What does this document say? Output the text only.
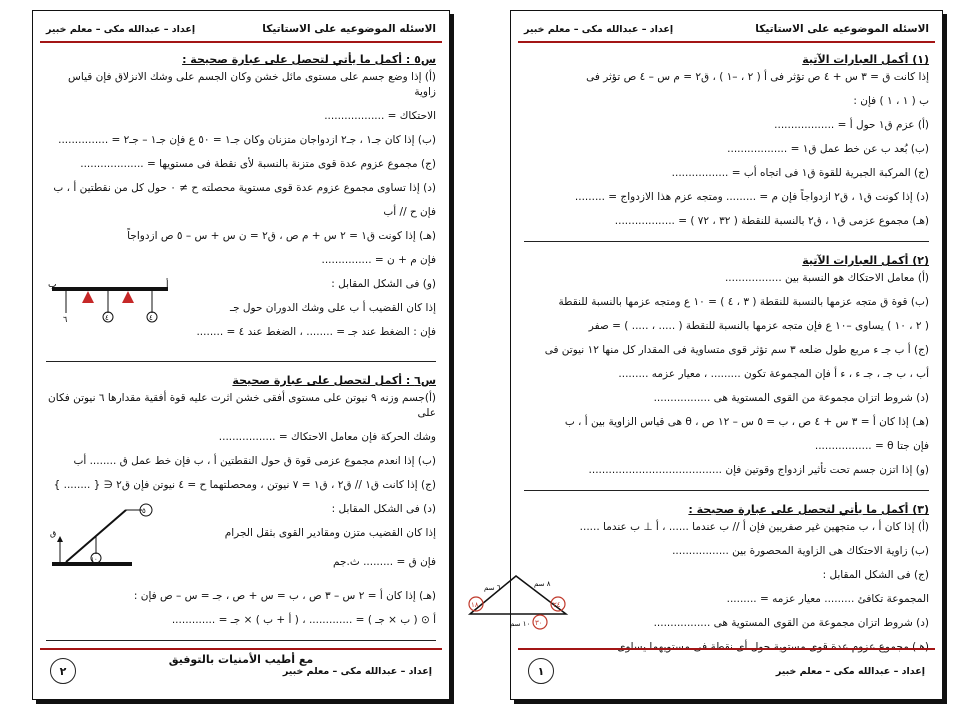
الاسئله الموضوعيه على الاستاتيكا
إعداد – عبدالله مكى – معلم خبير
س٥ : أكمل ما يأتي لتحصل على عبارة صحيحة :
(أ) إذا وضع جسم على مستوى مائل خشن وكان الجسم على وشك الانزلاق فإن قياس زاوية
الاحتكاك = ..................
(ب) إذا كان جـ١ ، جـ٢ ازدواجان متزنان وكان جـ١ = ٥٠ ع فإن جـ١ – جـ٢ = ...............
(ج) مجموع عزوم عدة قوى متزنة بالنسبة لأى نقطة فى مستويها = ...................
(د) إذا تساوى مجموع عزوم عدة قوى مستوية محصلته ح ≠ ٠ حول كل من نقطتين أ ، ب
فإن ح // أب
(هـ) إذا كونت ق١ = ٢ س + م ص ، ق٢ = ن س + س – ٥ ص ازدواجاً
فإن م + ن = ...............
(و) فى الشكل المقابل :
إذا كان القضيب أ ب على وشك الدوران حول جـ
فإن : الضغط عند جـ = ........ ، الضغط عند ٤ = ........
ب	أ
٦	٤	٤
س٦ : أكمل لتحصل على عبارة صحيحة
(أ)جسم وزنه ٩ نيوتن على مستوى أفقى خشن اثرت عليه قوة أفقية مقدارها ٦ نيوتن فكان على
وشك الحركة فإن معامل الاحتكاك = .................
(ب) إذا انعدم مجموع عزمى قوة ق حول النقطتين أ ، ب فإن خط عمل ق ........ أب
(ج) إذا كانت ق١ // ق٢ ، ق١ = ٧ نيوتن ، ومحصلتهما ح = ٤ نيوتن فإن ق٢ ∈ { ........ }
(د) فى الشكل المقابل :
إذا كان القضيب متزن ومقادير القوى بثقل الجرام
فإن ق = ......... ث.جم
٥
١٠
ق
(هـ) إذا كان أ = ٢ س – ٣ ص ، ب = س + ص ، جـ = س – ص فإن :
أ ⊙ ( ب × جـ ) = ............. ، ( أ + ب ) × جـ = .............
مع أطيب الأمنيات بالتوفيق
إعداد – عبدالله مكى – معلم خبير
٢
الاسئله الموضوعيه على الاستاتيكا
إعداد – عبدالله مكى – معلم خبير
(١) أكمل العبارات الآتية
إذا كانت ق = ٣ س + ٤ ص تؤثر فى أ ( ٢ ، –١ ) ، ق٢ = م س – ٤ ص تؤثر فى
ب ( ١ ، ١ ) فإن :
(أ) عزم ق١ حول أ = ..................
(ب) بُعد ب عن خط عمل ق١ = ..................
(ج) المركبة الجبرية للقوة ق١ فى اتجاه أب = .................
(د) إذا كونت ق١ ، ق٢ ازدواجاً فإن م = ......... ومتجه عزم هذا الازدواج = .........
(هـ) مجموع عزمى ق١ ، ق٢ بالنسبة للنقطة ( ٣٢ ، ٧٢ ) = ..................
(٢) أكمل العبارات الآتية
(أ) معامل الاحتكاك هو النسبة بين .................
(ب) قوة ق متجه عزمها بالنسبة للنقطة ( ٣ ، ٤ ) = ١٠ ع ومتجه عزمها بالنسبة للنقطة
( ٢ ، ١٠ ) يساوى –١٠ ع فإن متجه عزمها بالنسبة للنقطة ( ..... ، ..... ) = صفر
(ج) أ ب جـ ء مربع طول ضلعه ٣ سم تؤثر قوى متساوية فى المقدار كل منها ١٢ نيوتن فى
أب ، ب جـ ، جـ ء ، ء أ فإن المجموعة تكون ......... ، معيار عزمه .........
(د) شروط اتزان مجموعة من القوى المستوية هى .................
(هـ) إذا كان أ = ٣ س + ٤ ص ، ب = ٥ س – ١٢ ص ، θ هى قياس الزاوية بين أ ، ب
فإن جتا θ = .................
(و) إذا اتزن جسم تحت تأثير ازدواج وقوتين فإن ........................................
(٣) أكمل ما يأتي لتحصل على عبارة صحيحة :
(أ) إذا كان أ ، ب متجهين غير صفريين فإن أ // ب عندما ...... ، أ ⊥ ب عندما ......
(ب) زاوية الاحتكاك هى الزاوية المحصورة بين .................
(ج) فى الشكل المقابل :
المجموعة تكافئ ......... معيار عزمه = .........
(د) شروط اتزان مجموعة من القوى المستوية هى .................
(هـ) مجموع عزوم عدة قوى مستوية حول أى نقطة فى مستويهما يساوى .........
٦ سم	٨ سم
١٠ سم
١٨	٢٤
٣٠
إعداد – عبدالله مكى – معلم خبير
١
